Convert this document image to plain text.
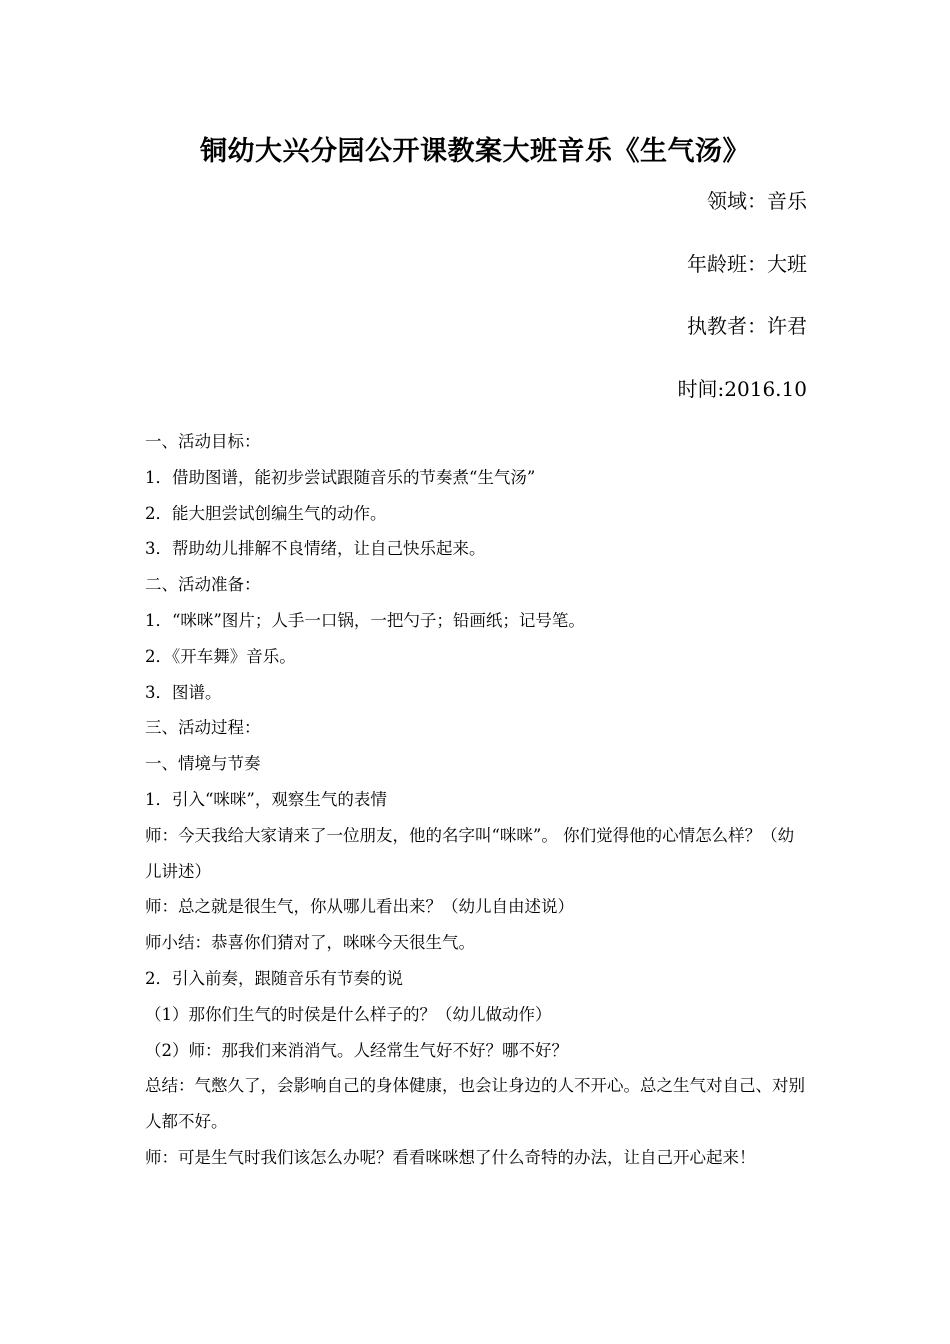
铜幼大兴分园公开课教案大班音乐《生气汤》
领域：音乐
年龄班：大班
执教者：许君
时间:2016.10

一、活动目标：

1．借助图谱，能初步尝试跟随音乐的节奏煮“生气汤”

2．能大胆尝试创编生气的动作。

3．帮助幼儿排解不良情绪，让自己快乐起来。

二、活动准备：

1．“咪咪”图片；人手一口锅，一把勺子；铅画纸；记号笔。

2．《开车舞》音乐。

3．图谱。

三、活动过程：

一、情境与节奏

1．引入“咪咪”，观察生气的表情

师：今天我给大家请来了一位朋友，他的名字叫“咪咪”。 你们觉得他的心情怎么样？（幼儿讲述）

师：总之就是很生气，你从哪儿看出来？（幼儿自由述说）

师小结：恭喜你们猜对了，咪咪今天很生气。

2．引入前奏，跟随音乐有节奏的说

（1）那你们生气的时侯是什么样子的？（幼儿做动作）

（2）师：那我们来消消气。人经常生气好不好？哪不好？

总结：气憋久了，会影响自己的身体健康，也会让身边的人不开心。总之生气对自己、对别人都不好。

师：可是生气时我们该怎么办呢？看看咪咪想了什么奇特的办法，让自己开心起来！
